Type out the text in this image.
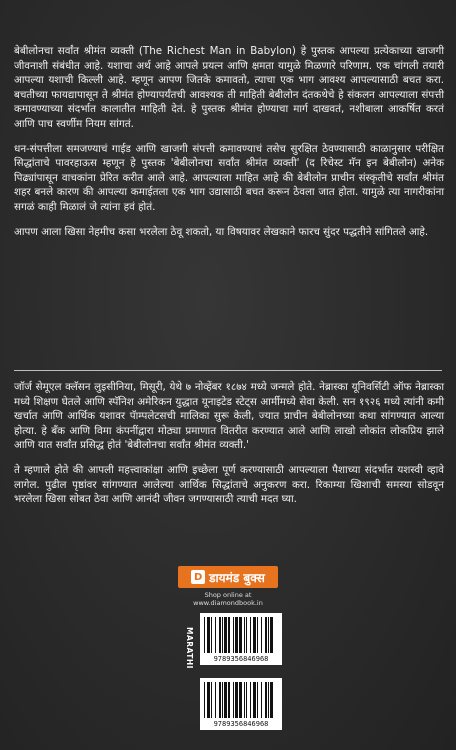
बेबीलोनचा सर्वांत श्रीमंत व्यक्ती (The Richest Man in Babylon) हे पुस्तक आपल्या प्रत्येकाच्या खाजगी जीवनाशी संबंधीत आहे. यशाचा अर्थ आहे आपले प्रयत्न आणि क्षमता यामुळे मिळणारे परिणाम. एक चांगली तयारी आपल्या यशाची किल्ली आहे. म्हणून आपण जितके कमावतो, त्याचा एक भाग आवश्य आपल्यासाठी बचत करा. बचतीच्या फायद्यापासून ते श्रीमंत होण्यापर्यंतची आवश्यक ती माहिती बेबीलोन दंतकथेचे हे संकलन आपल्याला संपत्ती कमावण्याच्या संदर्भात कालातीत माहिती देतं. हे पुस्तक श्रीमंत होण्याचा मार्ग दाखवतं, नशीबाला आकर्षित करतं आणि पाच स्वर्णीम नियम सांगतं.

धन-संपत्तीला समजण्याचं गाईड आणि खाजगी संपत्ती कमावण्याचं तसेच सुरक्षित ठेवण्यासाठी काळानुसार परीक्षित सिद्धांताचे पावरहाऊस म्हणून हे पुस्तक 'बेबीलोनचा सर्वांत श्रीमंत व्यक्ती' (द रिचेस्ट मॅन इन बेबीलोन) अनेक पिढ्यांपासून वाचकांना प्रेरित करीत आले आहे. आपल्याला माहित आहे की बेबीलोन प्राचीन संस्कृतीचे सर्वांत श्रीमंत शहर बनले कारण की आपल्या कमाईतला एक भाग उद्यासाठी बचत करून ठेवला जात होता. यामुळे त्या नागरीकांना सगळं काही मिळालं जे त्यांना हवं होतं.

आपण आला खिसा नेहमीच कसा भरलेला ठेवू शकतो, या विषयावर लेखकाने फारच सुंदर पद्धतीने सांगितले आहे.

जॉर्ज सेमूएल क्लॅसन लुइसीनिया, मिसूरी, येथे ७ नोव्हेंबर १८७४ मध्ये जन्मले होते. नेब्रास्का यूनिवर्सिटी ऑफ नेब्रास्का मध्ये शिक्षण घेतले आणि स्पॅनिश अमेरिकन युद्धात यूनाइटेड स्टेट्स आर्मीमध्ये सेवा केली. सन १९२६ मध्ये त्यांनी कमी खर्चात आणि आर्थिक यशावर पॅाम्पलेटसची मालिका सुरू केली, ज्यात प्राचीन बेबीलोनच्या कथा सांगण्यात आल्या होत्या. हे बँक आणि विमा कंपनींद्वारा मोठ्या प्रमाणात वितरीत करण्यात आले आणि लाखो लोकांत लोकप्रिय झाले आणि यात सर्वांत प्रसिद्ध होतं 'बेबीलोनचा सर्वांत श्रीमंत व्यक्ती.'

ते म्हणाले होते की आपली महत्त्वाकांक्षा आणि इच्छेला पूर्ण करण्यासाठी आपल्याला पैशाच्या संदर्भात यशस्वी व्हावे लागेल. पुढील पृष्ठांवर सांगण्यात आलेल्या आर्थिक सिद्धांताचे अनुकरण करा. रिकाम्या खिशाची समस्या सोडवून भरलेला खिसा सोबत ठेवा आणि आनंदी जीवन जगण्यासाठी त्याची मदत घ्या.

D डायमंड बुक्स
Shop online at www.diamondbook.in
MARATHI	9789356846968
9789356846968
